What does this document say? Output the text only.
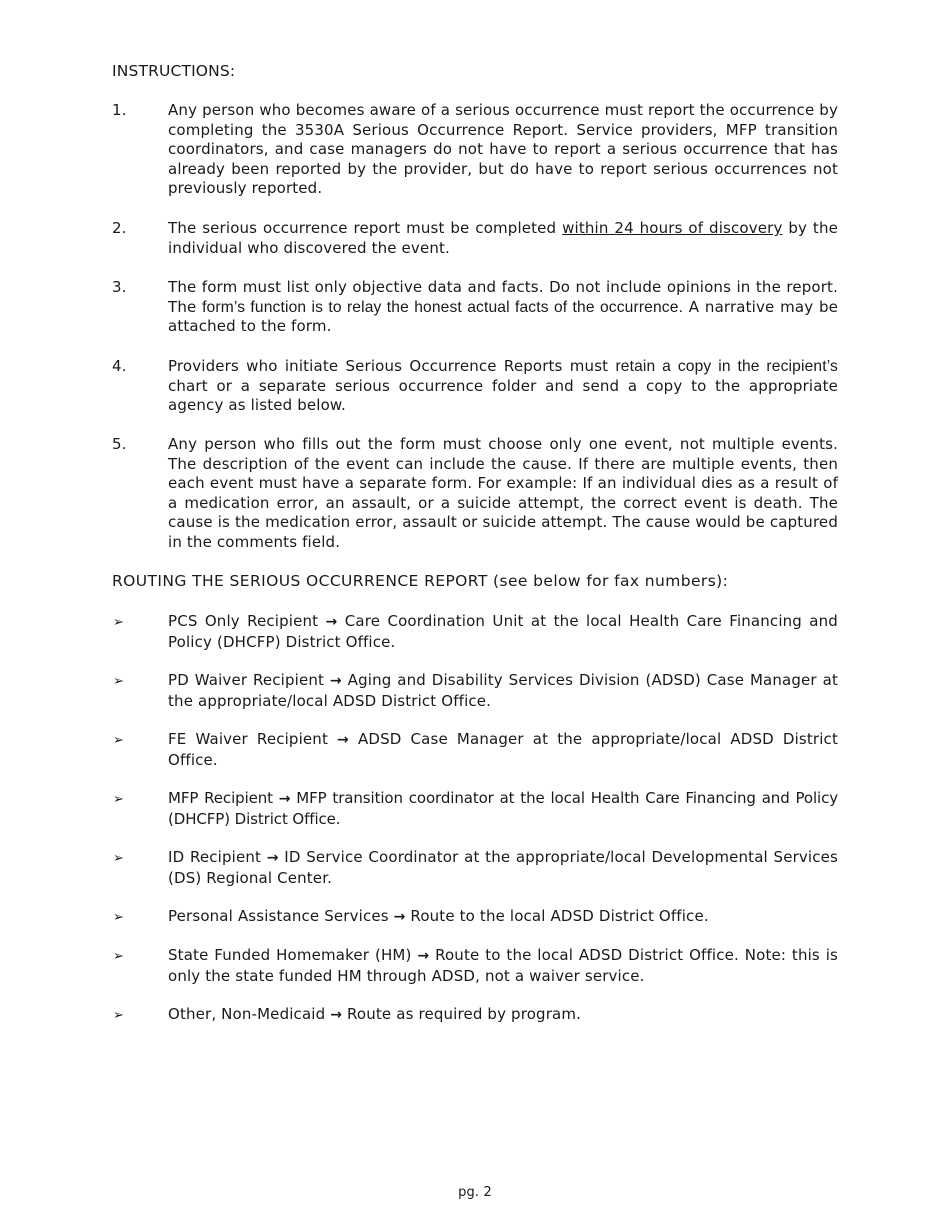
INSTRUCTIONS:
1.	Any person who becomes aware of a serious occurrence must report the occurrence by completing the 3530A Serious Occurrence Report. Service providers, MFP transition coordinators, and case managers do not have to report a serious occurrence that has already been reported by the provider, but do have to report serious occurrences not previously reported.
2.	The serious occurrence report must be completed within 24 hours of discovery by the individual who discovered the event.
3.	The form must list only objective data and facts. Do not include opinions in the report. The form’s function is to relay the honest actual facts of the occurrence. A narrative may be attached to the form.
4.	Providers who initiate Serious Occurrence Reports must retain a copy in the recipient’s chart or a separate serious occurrence folder and send a copy to the appropriate agency as listed below.
5.	Any person who fills out the form must choose only one event, not multiple events. The description of the event can include the cause. If there are multiple events, then each event must have a separate form. For example: If an individual dies as a result of a medication error, an assault, or a suicide attempt, the correct event is death. The cause is the medication error, assault or suicide attempt. The cause would be captured in the comments field.
ROUTING THE SERIOUS OCCURRENCE REPORT (see below for fax numbers):
➢	PCS Only Recipient → Care Coordination Unit at the local Health Care Financing and Policy (DHCFP) District Office.
➢	PD Waiver Recipient → Aging and Disability Services Division (ADSD) Case Manager at the appropriate/local ADSD District Office.
➢	FE Waiver Recipient → ADSD Case Manager at the appropriate/local ADSD District Office.
➢	MFP Recipient → MFP transition coordinator at the local Health Care Financing and Policy (DHCFP) District Office.
➢	ID Recipient → ID Service Coordinator at the appropriate/local Developmental Services (DS) Regional Center.
➢	Personal Assistance Services → Route to the local ADSD District Office.
➢	State Funded Homemaker (HM) → Route to the local ADSD District Office. Note: this is only the state funded HM through ADSD, not a waiver service.
➢	Other, Non-Medicaid → Route as required by program.
pg. 2
